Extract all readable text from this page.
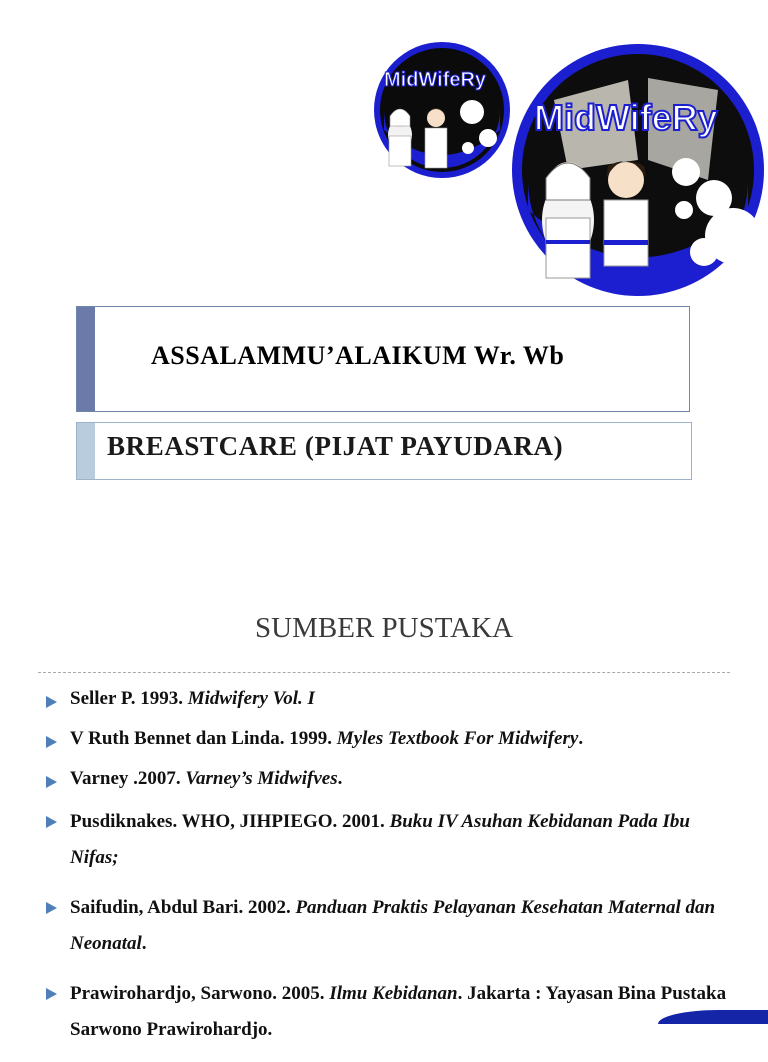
MidWifeRy
MidWifeRy
ASSALAMMU’ALAIKUM Wr. Wb
BREASTCARE (PIJAT PAYUDARA)
SUMBER PUSTAKA
Seller P. 1993. Midwifery Vol. I
V Ruth Bennet dan Linda. 1999. Myles Textbook For Midwifery.
Varney .2007. Varney’s Midwifves.
Pusdiknakes. WHO, JIHPIEGO. 2001. Buku IV Asuhan Kebidanan Pada Ibu Nifas;
Saifudin, Abdul Bari. 2002. Panduan Praktis Pelayanan Kesehatan Maternal dan Neonatal.
Prawirohardjo, Sarwono. 2005. Ilmu Kebidanan. Jakarta : Yayasan Bina Pustaka Sarwono Prawirohardjo.
